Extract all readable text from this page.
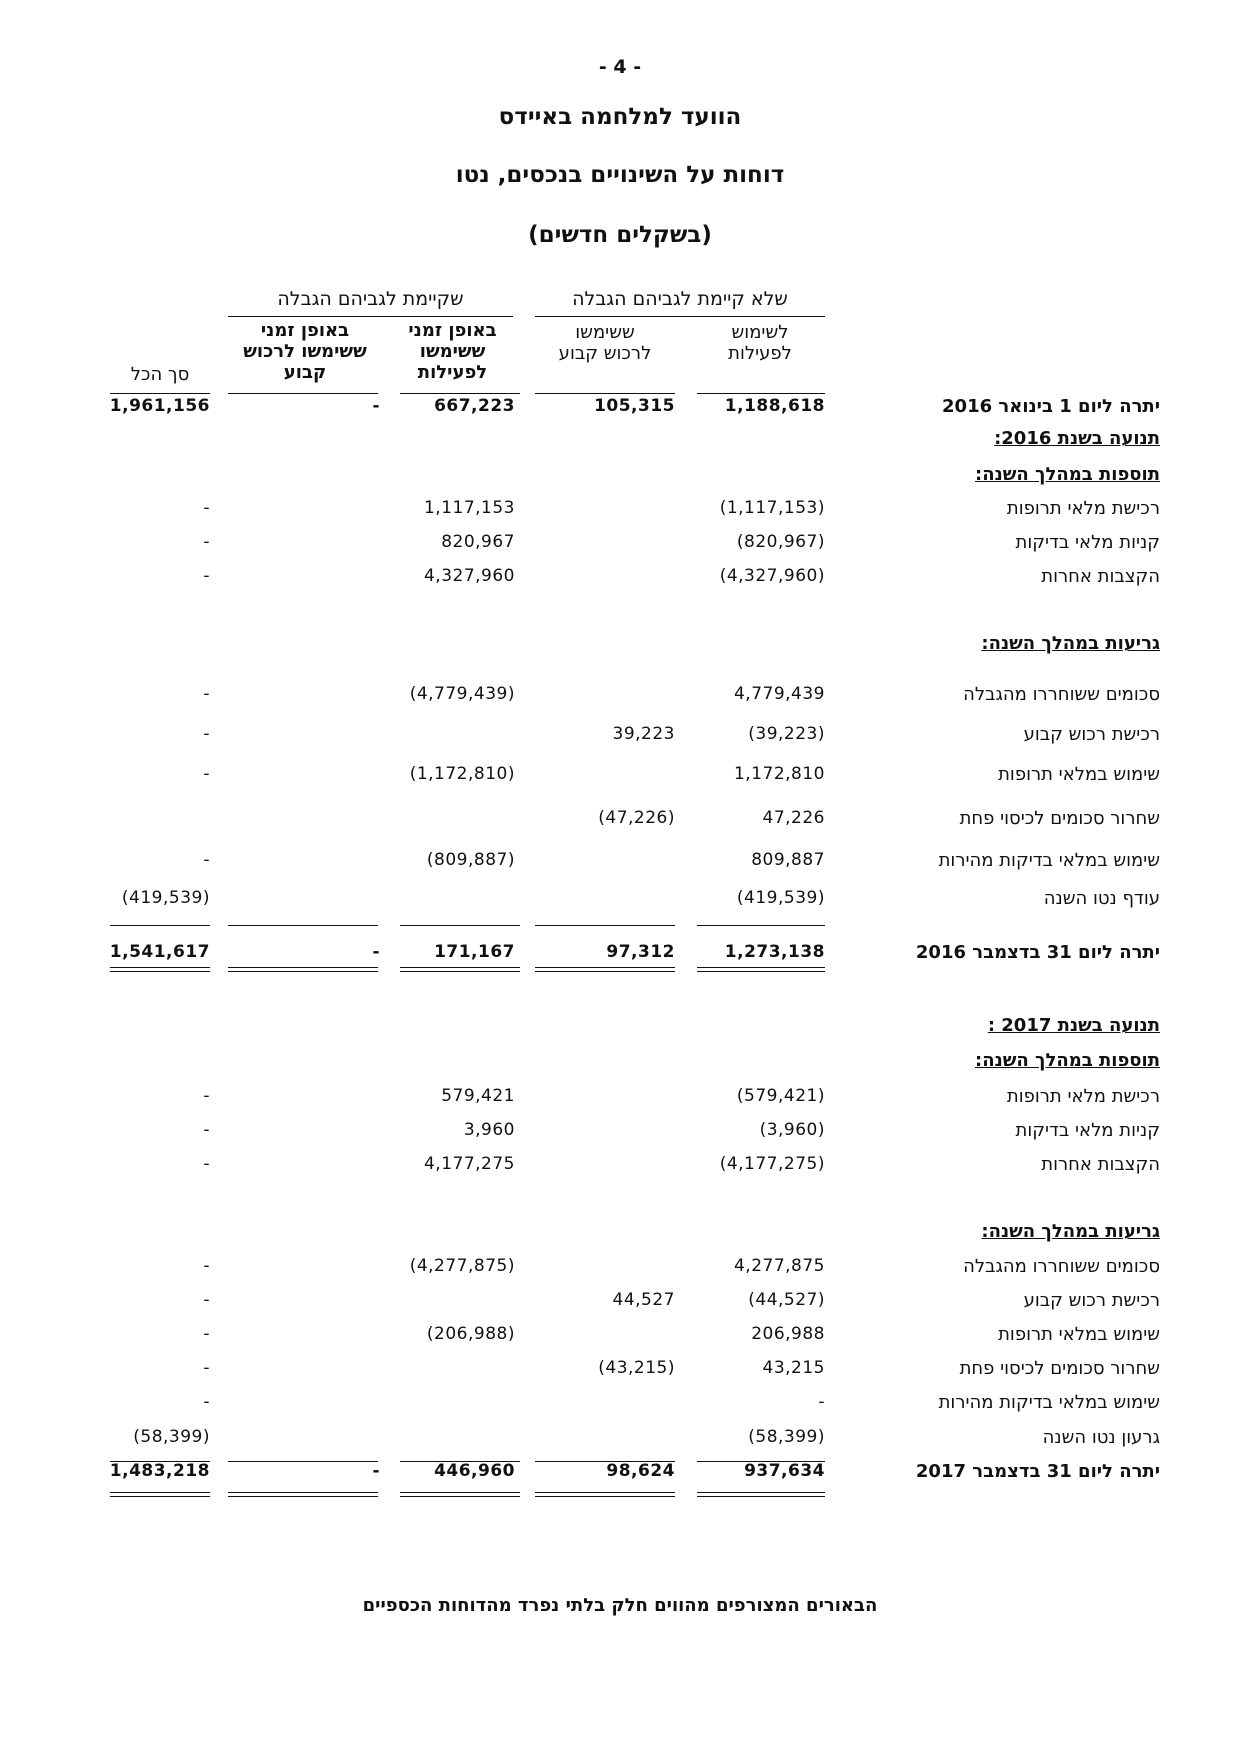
- 4 -
הוועד למלחמה באיידס
דוחות על השינויים בנכסים, נטו
(בשקלים חדשים)
שלא קיימת לגביהם הגבלה
שקיימת לגביהם הגבלה
לשימוש
לפעילות
ששימשו
לרכוש קבוע
באופן זמני
ששימשו
לפעילות
באופן זמני
ששימשו לרכוש
קבוע
סך הכל
יתרה ליום 1 בינואר 2016
1,188,618
105,315
667,223
-
1,961,156
תנועה בשנת 2016:
תוספות במהלך השנה:
רכישת מלאי תרופות
(1,117,153)
1,117,153
-
קניות מלאי בדיקות
(820,967)
820,967
-
הקצבות אחרות
(4,327,960)
4,327,960
-
גריעות במהלך השנה:
סכומים ששוחררו מהגבלה
4,779,439
(4,779,439)
-
רכישת רכוש קבוע
(39,223)
39,223
-
שימוש במלאי תרופות
1,172,810
(1,172,810)
-
שחרור סכומים לכיסוי פחת
47,226
(47,226)
שימוש במלאי בדיקות מהירות
809,887
(809,887)
-
עודף נטו השנה
(419,539)
(419,539)
יתרה ליום 31 בדצמבר 2016
1,273,138
97,312
171,167
-
1,541,617
תנועה בשנת 2017 :
תוספות במהלך השנה:
רכישת מלאי תרופות
(579,421)
579,421
-
קניות מלאי בדיקות
(3,960)
3,960
-
הקצבות אחרות
(4,177,275)
4,177,275
-
גריעות במהלך השנה:
סכומים ששוחררו מהגבלה
4,277,875
(4,277,875)
-
רכישת רכוש קבוע
(44,527)
44,527
-
שימוש במלאי תרופות
206,988
(206,988)
-
שחרור סכומים לכיסוי פחת
43,215
(43,215)
-
שימוש במלאי בדיקות מהירות
-
-
גרעון נטו השנה
(58,399)
(58,399)
יתרה ליום 31 בדצמבר 2017
937,634
98,624
446,960
-
1,483,218
הבאורים המצורפים מהווים חלק בלתי נפרד מהדוחות הכספיים
